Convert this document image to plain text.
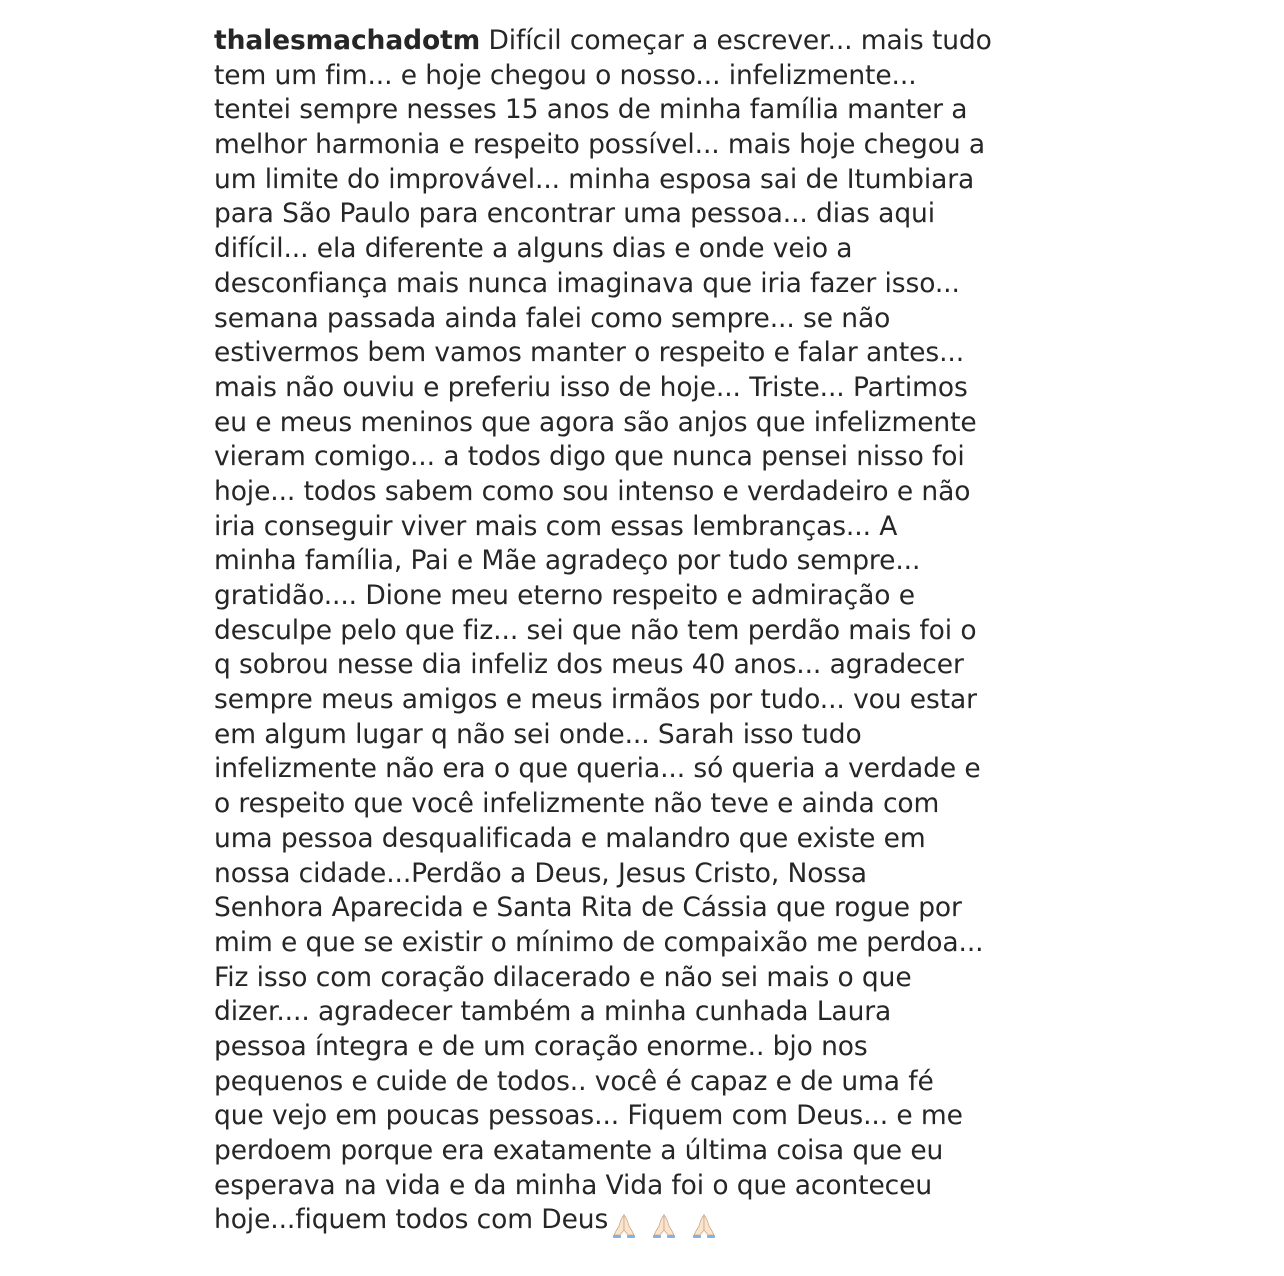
thalesmachadotm Difícil começar a escrever... mais tudo
tem um fim... e hoje chegou o nosso... infelizmente...
tentei sempre nesses 15 anos de minha família manter a
melhor harmonia e respeito possível... mais hoje chegou a
um limite do improvável... minha esposa sai de Itumbiara
para São Paulo para encontrar uma pessoa... dias aqui
difícil... ela diferente a alguns dias e onde veio a
desconfiança mais nunca imaginava que iria fazer isso...
semana passada ainda falei como sempre... se não
estivermos bem vamos manter o respeito e falar antes...
mais não ouviu e preferiu isso de hoje... Triste... Partimos
eu e meus meninos que agora são anjos que infelizmente
vieram comigo... a todos digo que nunca pensei nisso foi
hoje... todos sabem como sou intenso e verdadeiro e não
iria conseguir viver mais com essas lembranças... A
minha família, Pai e Mãe agradeço por tudo sempre...
gratidão.... Dione meu eterno respeito e admiração e
desculpe pelo que fiz... sei que não tem perdão mais foi o
q sobrou nesse dia infeliz dos meus 40 anos... agradecer
sempre meus amigos e meus irmãos por tudo... vou estar
em algum lugar q não sei onde... Sarah isso tudo
infelizmente não era o que queria... só queria a verdade e
o respeito que você infelizmente não teve e ainda com
uma pessoa desqualificada e malandro que existe em
nossa cidade...Perdão a Deus, Jesus Cristo, Nossa
Senhora Aparecida e Santa Rita de Cássia que rogue por
mim e que se existir o mínimo de compaixão me perdoa...
Fiz isso com coração dilacerado e não sei mais o que
dizer.... agradecer também a minha cunhada Laura
pessoa íntegra e de um coração enorme.. bjo nos
pequenos e cuide de todos.. você é capaz e de uma fé
que vejo em poucas pessoas... Fiquem com Deus... e me
perdoem porque era exatamente a última coisa que eu
esperava na vida e da minha Vida foi o que aconteceu
hoje...fiquem todos com Deus
